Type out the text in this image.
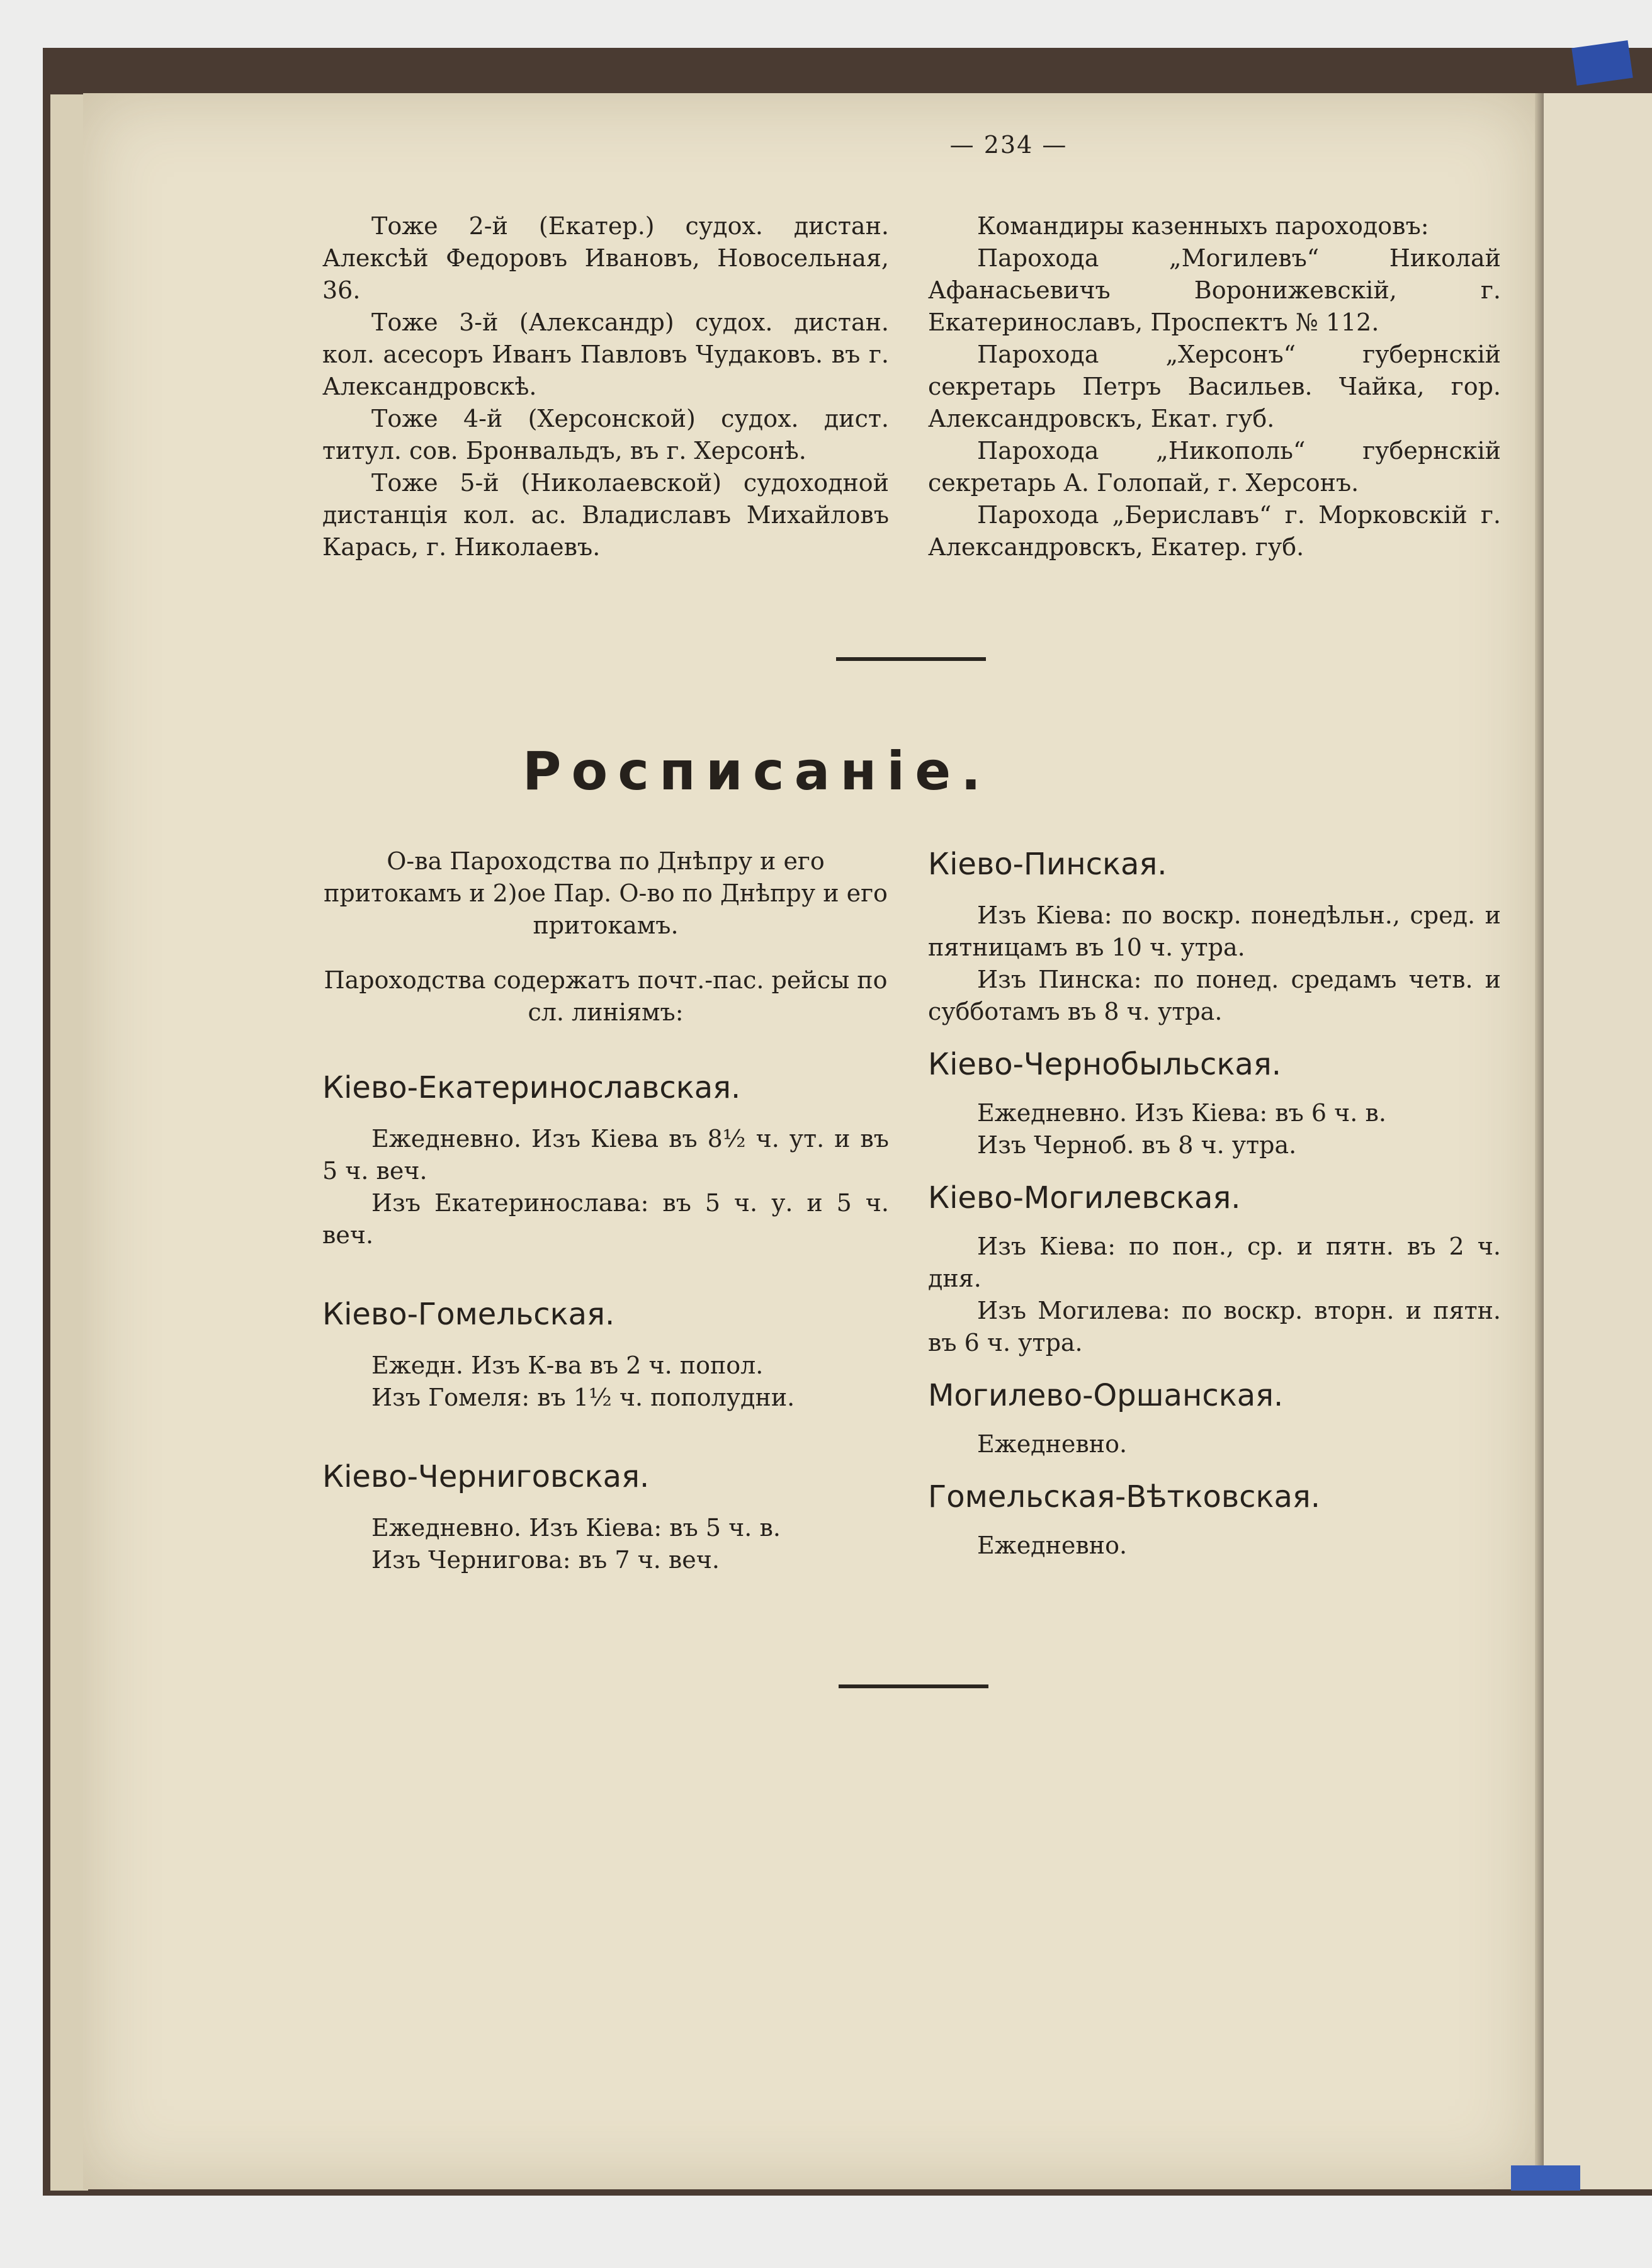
— 234 —

Тоже 2-й (Екатер.) судох. дистан. Алексѣй Федоровъ Ивановъ, Новосельная, 36.

Тоже 3-й (Александр) судох. дистан. кол. асесоръ Иванъ Павловъ Чудаковъ. въ г. Александровскѣ.

Тоже 4-й (Херсонской) судох. дист. титул. сов. Бронвальдъ, въ г. Херсонѣ.

Тоже 5-й (Николаевской) судоходной дистанція кол. ас. Владиславъ Михайловъ Карась, г. Николаевъ.

Командиры казенныхъ пароходовъ:

Парохода „Могилевъ“ Николай Афанасьевичъ Воронижевскій, г. Екатеринославъ, Проспектъ № 112.

Парохода „Херсонъ“ губернскій секретарь Петръ Васильев. Чайка, гор. Александровскъ, Екат. губ.

Парохода „Никополь“ губернскій секретарь А. Голопай, г. Херсонъ.

Парохода „Бериславъ“ г. Морковскій г. Александровскъ, Екатер. губ.

Росписаніе.

О-ва Пароходства по Днѣпру и его притокамъ и 2)ое Пар. О-во по Днѣпру и его притокамъ.

Пароходства содержатъ почт.-пас. рейсы по сл. линіямъ:

Кіево-Екатеринославская.

Ежедневно. Изъ Кіева въ 8½ ч. ут. и въ 5 ч. веч.

Изъ Екатеринослава: въ 5 ч. у. и 5 ч. веч.

Кіево-Гомельская.

Ежедн. Изъ К-ва въ 2 ч. попол.

Изъ Гомеля: въ 1½ ч. пополудни.

Кіево-Черниговская.

Ежедневно. Изъ Кіева: въ 5 ч. в.

Изъ Чернигова: въ 7 ч. веч.

Кіево-Пинская.

Изъ Кіева: по воскр. понедѣльн., сред. и пятницамъ въ 10 ч. утра.

Изъ Пинска: по понед. средамъ четв. и субботамъ въ 8 ч. утра.

Кіево-Чернобыльская.

Ежедневно. Изъ Кіева: въ 6 ч. в.

Изъ Черноб. въ 8 ч. утра.

Кіево-Могилевская.

Изъ Кіева: по пон., ср. и пятн. въ 2 ч. дня.

Изъ Могилева: по воскр. вторн. и пятн. въ 6 ч. утра.

Могилево-Оршанская.

Ежедневно.

Гомельская-Вѣтковская.

Ежедневно.
